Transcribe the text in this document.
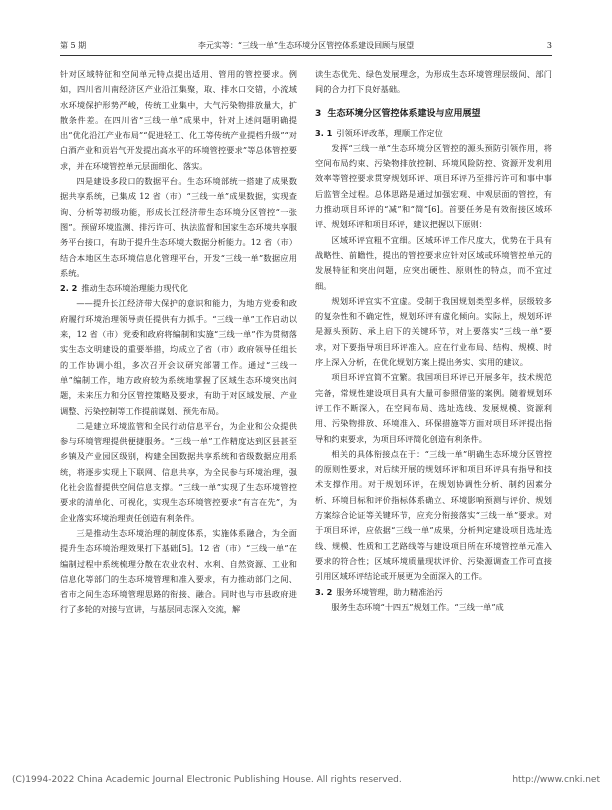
第 5 期	李元实等：“三线一单”生态环境分区管控体系建设回顾与展望	3

针对区域特征和空间单元特点提出适用、管用的管控要求。例如，四川省川南经济区产业沿江集聚，取、排水口交错，小流域水环境保护形势严峻，传统工业集中，大气污染物排放量大，扩散条件差。在四川省“三线一单”成果中，针对上述问题明确提出“优化沿江产业布局”“促进轻工、化工等传统产业提档升级”“对白酒产业和贡岩气开发提出高水平的环境管控要求”等总体管控要求，并在环境管控单元层面细化、落实。

四是建设多段口的数据平台。生态环境部统一搭建了成果数据共享系统，已集成 12 省（市）“三线一单”成果数据，实现查询、分析等初级功能，形成长江经济带生态环境分区管控“一张图”。预留环境监测、排污许可、执法监督和国家生态环境共享服务平台接口，有助于提升生态环境大数据分析能力。12 省（市）结合本地区生态环境信息化管理平台，开发“三线一单”数据应用系统。

2. 2 推动生态环境治理能力现代化

——提升长江经济带大保护的意识和能力，为地方党委和政府履行环境治理领导责任提供有力抓手。“三线一单”工作启动以来，12 省（市）党委和政府将编制和实施“三线一单”作为贯彻落实生态文明建设的重要举措，均成立了省（市）政府领导任组长的工作协调小组，多次召开会议研究部署工作。通过“三线一单”编制工作，地方政府较为系统地掌握了区域生态环境突出问题，未来压力和分区管控策略及要求，有助于对区域发展、产业调整、污染控制等工作提前谋划、预先布局。

二是建立环境监管和全民行动信息平台，为企业和公众提供参与环境管理提供便捷服务。“三线一单”工作精度达到区县甚至乡镇及产业园区级别，构建全国数据共享系统和省级数据应用系统，将逐步实现上下联网、信息共享，为全民参与环境治理，强化社会监督提供空间信息支撑。“三线一单”实现了生态环境管控要求的清单化、可视化，实现生态环境管控要求“有言在先”，为企业落实环境治理责任创造有利条件。

三是推动生态环境治理的制度体系，实施体系融合，为全面提升生态环境治理效果打下基础[5]。12 省（市）“三线一单”在编制过程中系统梳理分散在农业农村、水利、自然资源、工业和信息化等部门的生态环境管理和准入要求，有力推动部门之间、省市之间生态环境管理思路的衔接、融合。同时也与市县政府进行了多轮的对接与宣讲，与基层同志深入交流，解

读生态优先、绿色发展理念，为形成生态环境管理层级间、部门间的合力打下良好基础。

3 生态环境分区管控体系建设与应用展望
3. 1 引领环评改革，理顺工作定位

发挥“三线一单”生态环境分区管控的源头预防引领作用，将空间布局约束、污染物排放控制、环境风险防控、资源开发利用效率等管控要求贯穿规划环评、项目环评乃至排污许可和事中事后监管全过程。总体思路是通过加强宏观、中观层面的管控，有力推动项目环评的“减”和“简”[6]。首要任务是有效衔接区域环评、规划环评和项目环评，建议把握以下原则：

区域环评宜粗不宜细。区域环评工作尺度大，优势在于具有战略性、前瞻性，提出的管控要求应针对区域或环境管控单元的发展特征和突出问题，应突出硬性、原则性的特点，而不宜过细。

规划环评宜实不宜虚。受制于我国规划类型多样，层级较多的复杂性和不确定性，规划环评有虚化倾向。实际上，规划环评是源头预防、承上启下的关键环节，对上要落实“三线一单”要求，对下要指导项目环评准入。应在行业布局、结构、规模、时序上深入分析，在优化规划方案上提出务实、实用的建议。

项目环评宜简不宜繁。我国项目环评已开展多年，技术规范完备，常规性建设项目具有大量可参照借鉴的案例。随着规划环评工作不断深入，在空间布局、选址选线、发展规模、资源利用、污染物排放、环境准入、环保措施等方面对项目环评提出指导和约束要求，为项目环评简化创造有利条件。

相关的具体衔接点在于：“三线一单”明确生态环境分区管控的原则性要求，对后续开展的规划环评和项目环评具有指导和技术支撑作用。对于规划环评，在规划协调性分析、制约因素分析、环境目标和评价指标体系确立、环境影响预测与评价、规划方案综合论证等关键环节，应充分衔接落实“三线一单”要求。对于项目环评，应依据“三线一单”成果，分析判定建设项目选址选线、规模、性质和工艺路线等与建设项目所在环境管控单元准入要求的符合性；区域环境质量现状评价、污染源调查工作可直接引用区域环评结论或开展更为全面深入的工作。

3. 2 服务环境管理，助力精准治污

服务生态环境“十四五”规划工作。“三线一单”成

(C)1994-2022 China Academic Journal Electronic Publishing House. All rights reserved.	http://www.cnki.net
